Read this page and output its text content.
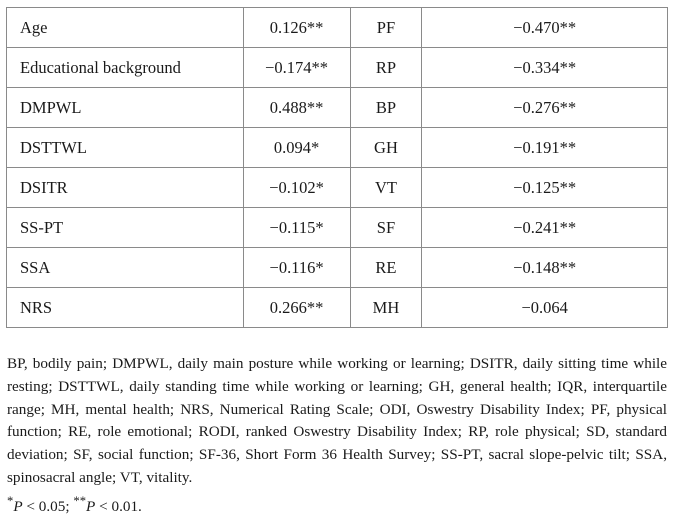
Age	0.126**	PF	−0.470**
Educational background	−0.174**	RP	−0.334**
DMPWL	0.488**	BP	−0.276**
DSTTWL	0.094*	GH	−0.191**
DSITR	−0.102*	VT	−0.125**
SS-PT	−0.115*	SF	−0.241**
SSA	−0.116*	RE	−0.148**
NRS	0.266**	MH	−0.064

BP, bodily pain; DMPWL, daily main posture while working or learning; DSITR, daily sitting time while resting; DSTTWL, daily standing time while working or learning; GH, general health; IQR, interquartile range; MH, mental health; NRS, Numerical Rating Scale; ODI, Oswestry Disability Index; PF, physical function; RE, role emotional; RODI, ranked Oswestry Disability Index; RP, role physical; SD, standard deviation; SF, social function; SF-36, Short Form 36 Health Survey; SS-PT, sacral slope-pelvic tilt; SSA, spinosacral angle; VT, vitality.

*P < 0.05; **P < 0.01.
